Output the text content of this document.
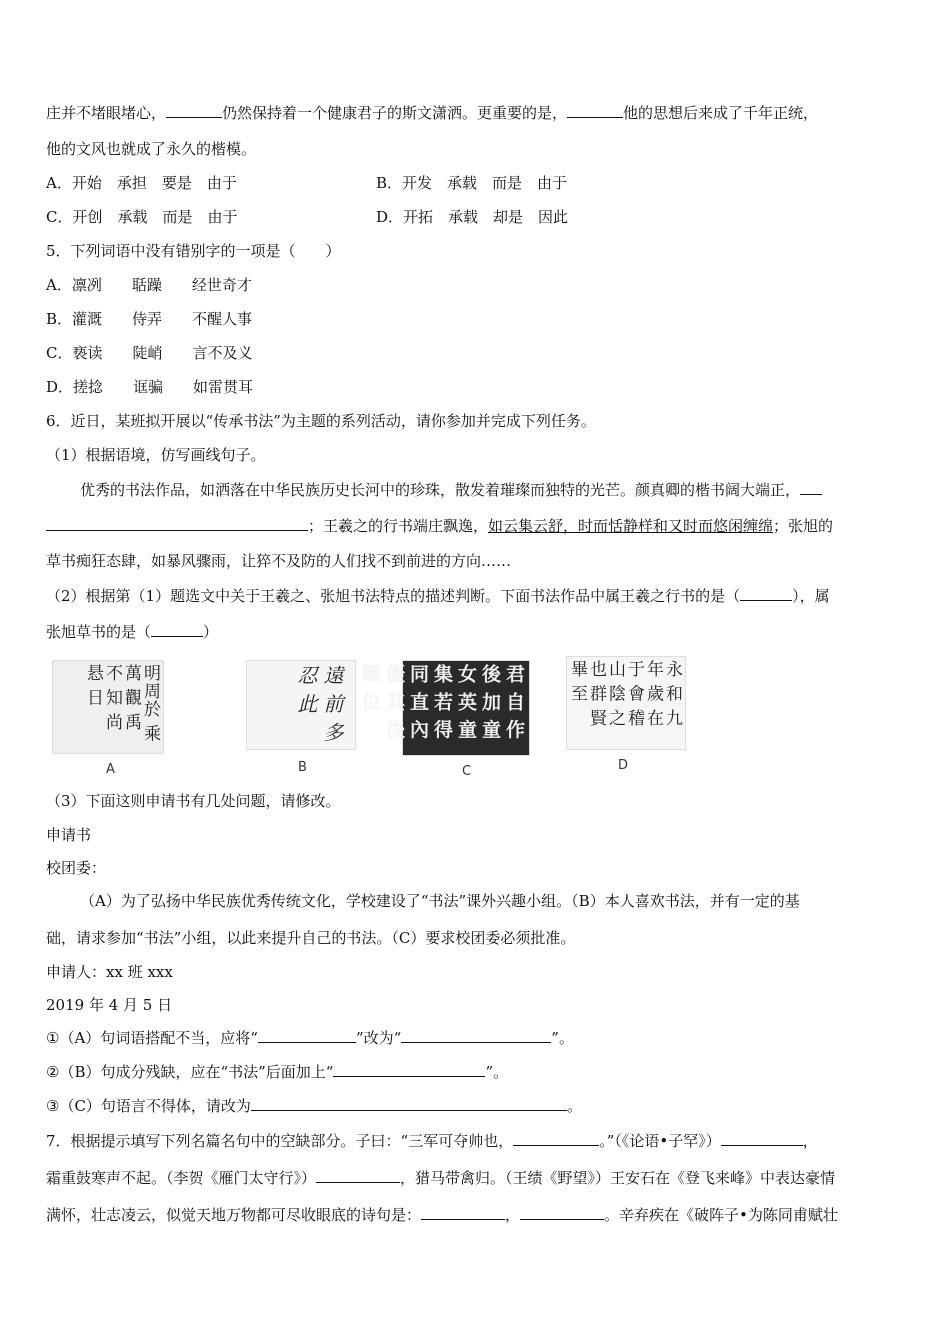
庄并不堵眼堵心，	仍然保持着一个健康君子的斯文潇洒。更重要的是，	他的思想后来成了千年正统，
他的文风也就成了永久的楷模。
A．开始　承担　要是　由于	B．开发　承载　而是　由于
C．开创　承载　而是　由于	D．开拓　承载　却是　因此
5．下列词语中没有错别字的一项是（　　）
A．凛冽　　聒躁　　经世奇才
B．灌溉　　侍弄　　不醒人事
C．亵读　　陡峭　　言不及义
D．搓捻　　诓骗　　如雷贯耳
6．近日，某班拟开展以“传承书法”为主题的系列活动，请你参加并完成下列任务。
（1）根据语境，仿写画线句子。
优秀的书法作品，如洒落在中华民族历史长河中的珍珠，散发着璀璨而独特的光芒。颜真卿的楷书阔大端正，
；王羲之的行书端庄飘逸，如云集云舒，时而恬静样和又时而悠闲缠绵；张旭的
草书痴狂态肆，如暴风骤雨，让猝不及防的人们找不到前进的方向……
（2）根据第（1）题选文中关于王羲之、张旭书法特点的描述判断。下面书法作品中属王羲之行书的是（	），属
张旭草书的是（	）
明周於 乘萬 觀 禹 不 知 尚 悬 日
A
遠 前 多 忍 此
B
君 自 作 後 加 童 女 英 童 集 若 得 同 直 內 優 其 後 職 位
C
永 和 九 年 歲 在 于 會 稽 山 陰 之 也 群 賢 畢 至
D
（3）下面这则申请书有几处问题，请修改。
申请书
校团委：
（A）为了弘扬中华民族优秀传统文化，学校建设了“书法”课外兴趣小组。（B）本人喜欢书法，并有一定的基
础，请求参加“书法”小组，以此来提升自己的书法。（C）要求校团委必须批准。
申请人：xx 班 xxx
2019 年 4 月 5 日
①（A）句词语搭配不当，应将“	”改为“	”。
②（B）句成分残缺，应在“书法”后面加上“	”。
③（C）句语言不得体，请改为	。
7．根据提示填写下列名篇名句中的空缺部分。子曰：“三军可夺帅也，	。”（《论语•子罕》）	，
霜重鼓寒声不起。（李贺《雁门太守行》）	，猎马带禽归。（王绩《野望》）王安石在《登飞来峰》中表达豪情
满怀，壮志凌云，似觉天地万物都可尽收眼底的诗句是：	，	。辛弃疾在《破阵子•为陈同甫赋壮
